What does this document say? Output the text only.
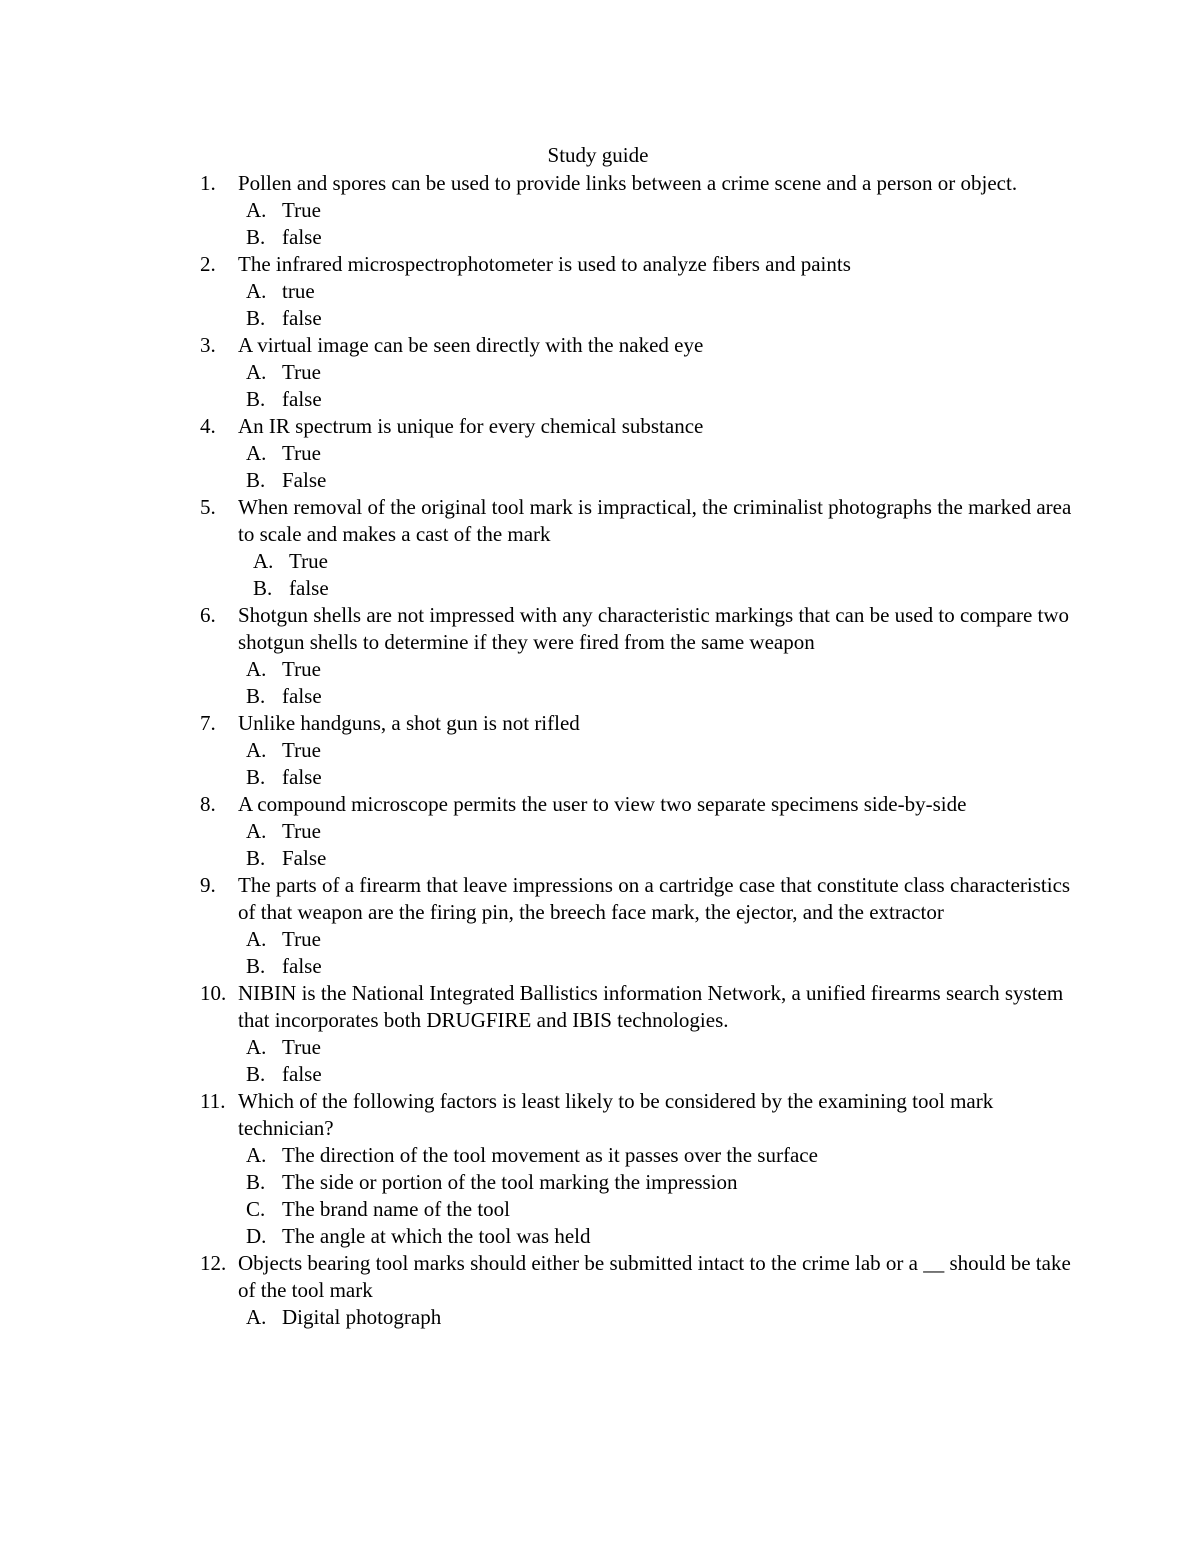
Study guide
1.	Pollen and spores can be used to provide links between a crime scene and a person or object.
A. True
B. false
2.	The infrared microspectrophotometer is used to analyze fibers and paints
A. true
B. false
3.	A virtual image can be seen directly with the naked eye
A. True
B. false
4.	An IR spectrum is unique for every chemical substance
A. True
B. False
5.	When removal of the original tool mark is impractical, the criminalist photographs the marked area to scale and makes a cast of the mark
A. True
B. false
6.	Shotgun shells are not impressed with any characteristic markings that can be used to compare two shotgun shells to determine if they were fired from the same weapon
A. True
B. false
7.	Unlike handguns, a shot gun is not rifled
A. True
B. false
8.	A compound microscope permits the user to view two separate specimens side-by-side
A. True
B. False
9.	The parts of a firearm that leave impressions on a cartridge case that constitute class characteristics of that weapon are the firing pin, the breech face mark, the ejector, and the extractor
A. True
B. false
10. NIBIN is the National Integrated Ballistics information Network, a unified firearms search system that incorporates both DRUGFIRE and IBIS technologies.
A. True
B. false
11. Which of the following factors is least likely to be considered by the examining tool mark technician?
A. The direction of the tool movement as it passes over the surface
B. The side or portion of the tool marking the impression
C. The brand name of the tool
D. The angle at which the tool was held
12. Objects bearing tool marks should either be submitted intact to the crime lab or a __ should be take of the tool mark
A. Digital photograph
